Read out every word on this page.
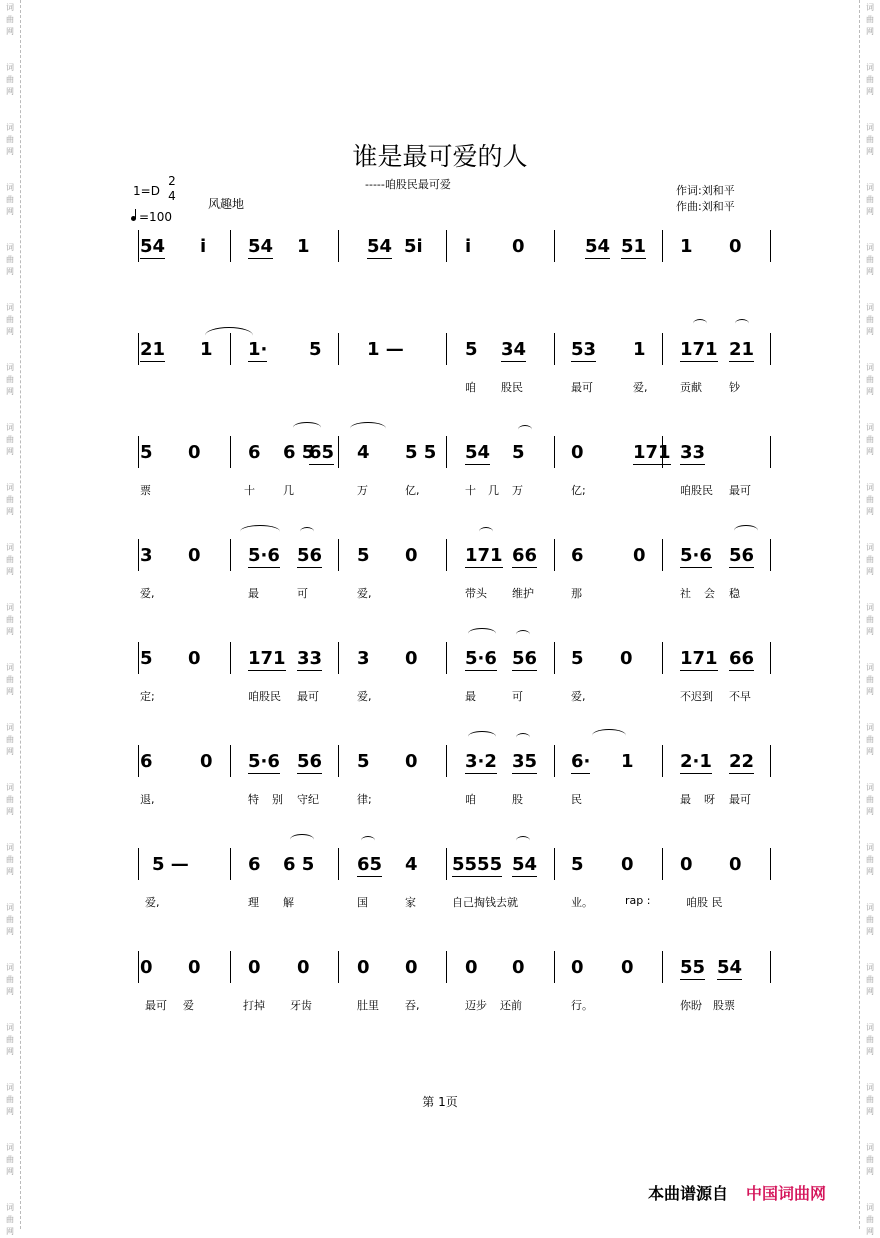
词
曲
网
词
曲
网
词
曲
网
词
曲
网
词
曲
网
词
曲
网
词
曲
网
词
曲
网
词
曲
网
词
曲
网
词
曲
网
词
曲
网
词
曲
网
词
曲
网
词
曲
网
词
曲
网
词
曲
网
词
曲
网
词
曲
网
词
曲
网
词
曲
网
词
曲
网
词
曲
网
词
曲
网
词
曲
网
词
曲
网
词
曲
网
词
曲
网
词
曲
网
词
曲
网
词
曲
网
词
曲
网
词
曲
网
词
曲
网
词
曲
网
词
曲
网
词
曲
网
词
曲
网
词
曲
网
词
曲
网
词
曲
网
词
曲
网
谁是最可爱的人
-----咱股民最可爱
1=D
2
4
=100
风趣地
作词:刘和平
作曲:刘和平
54 i 54 1	54 5i i 0	54 51 1 0
21 1 1· 5	1 —	5 34 53 1 171 21
咱 股民	最可	爱,	贡献 钞
5 0	6 6 5
65 4 5 5 54 5	0	171 33
票	十	几	万	亿,	十 几 万	亿;	咱股民 最可
3 0	5·6 56 5 0	171 66 6	0 5·6 56
爱,	最	可	爱,	带头 维护	那	社 会 稳
5 0	171 33 3 0	5·6 56 5 0	171 66
定;	咱股民 最可	爱,	最	可	爱,	不迟到 不早
6	0 5·6 56 5 0	3·2 35 6· 1	2·1 22
退,	特 别 守纪	律;	咱	股	民	最 呀 最可
5 —	6 6 5 65 4 5555 54 5 0	0 0
爱,	理 解	国	家	自己掏钱去就	业。	rap :	咱股 民
0 0	0 0	0 0	0 0	0 0	55 54
最可 爱	打掉 牙齿	肚里 吞,	迈步 还前	行。	你盼 股票
第 1页
本曲谱源自 中国词曲网
